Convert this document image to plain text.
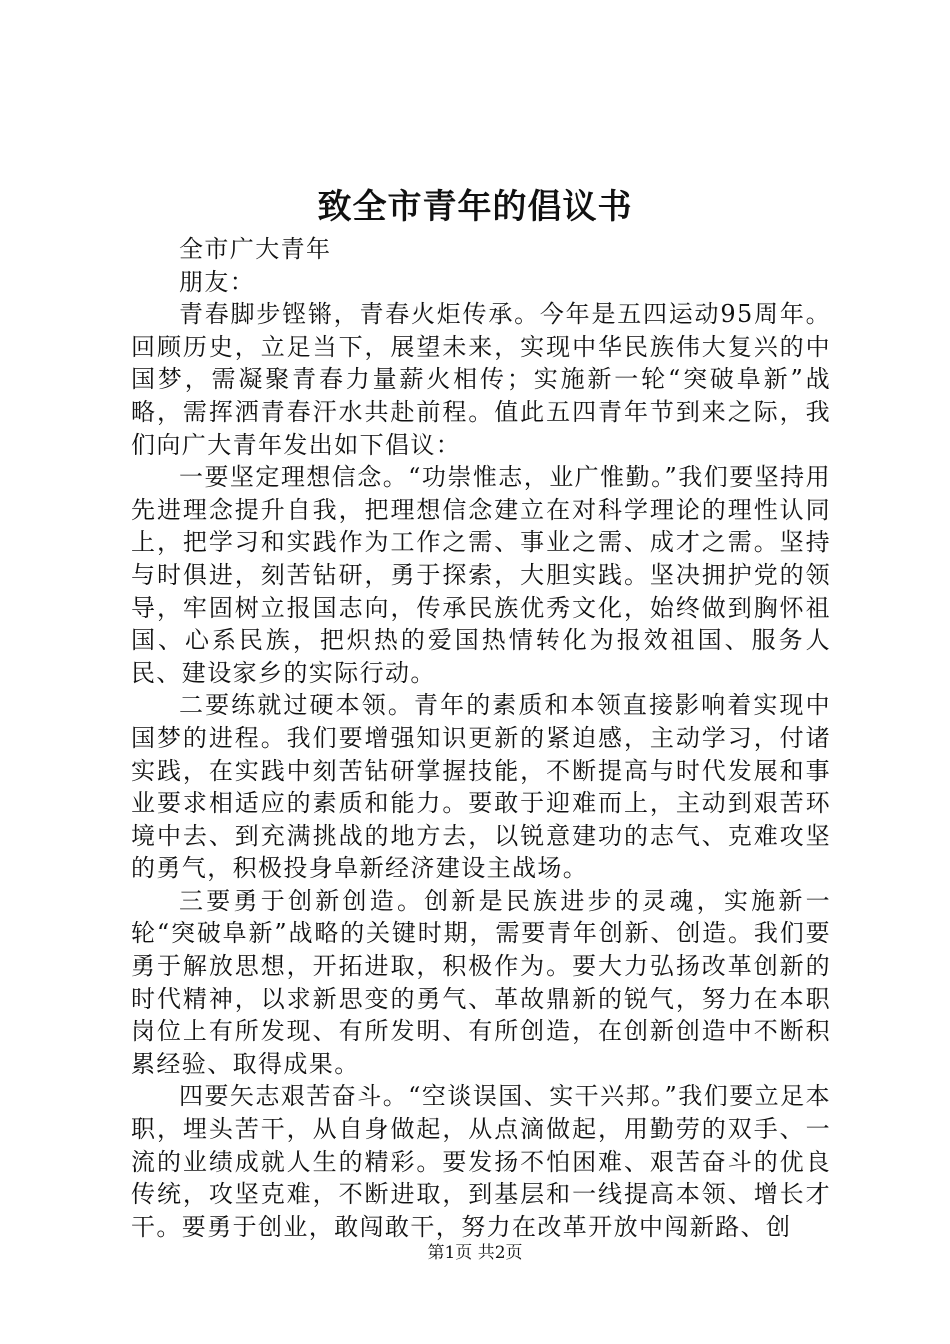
致全市青年的倡议书

全市广大青年

朋友：

青春脚步铿锵，青春火炬传承。今年是五四运动95周年。回顾历史，立足当下，展望未来，实现中华民族伟大复兴的中国梦，需凝聚青春力量薪火相传；实施新一轮“突破阜新”战略，需挥洒青春汗水共赴前程。值此五四青年节到来之际，我们向广大青年发出如下倡议：

一要坚定理想信念。“功崇惟志，业广惟勤。”我们要坚持用先进理念提升自我，把理想信念建立在对科学理论的理性认同上，把学习和实践作为工作之需、事业之需、成才之需。坚持与时俱进，刻苦钻研，勇于探索，大胆实践。坚决拥护党的领导，牢固树立报国志向，传承民族优秀文化，始终做到胸怀祖国、心系民族，把炽热的爱国热情转化为报效祖国、服务人民、建设家乡的实际行动。

二要练就过硬本领。青年的素质和本领直接影响着实现中国梦的进程。我们要增强知识更新的紧迫感，主动学习，付诸实践，在实践中刻苦钻研掌握技能，不断提高与时代发展和事业要求相适应的素质和能力。要敢于迎难而上，主动到艰苦环境中去、到充满挑战的地方去，以锐意建功的志气、克难攻坚的勇气，积极投身阜新经济建设主战场。

三要勇于创新创造。创新是民族进步的灵魂，实施新一轮“突破阜新”战略的关键时期，需要青年创新、创造。我们要勇于解放思想，开拓进取，积极作为。要大力弘扬改革创新的时代精神，以求新思变的勇气、革故鼎新的锐气，努力在本职岗位上有所发现、有所发明、有所创造，在创新创造中不断积累经验、取得成果。

四要矢志艰苦奋斗。“空谈误国、实干兴邦。”我们要立足本职，埋头苦干，从自身做起，从点滴做起，用勤劳的双手、一流的业绩成就人生的精彩。要发扬不怕困难、艰苦奋斗的优良传统，攻坚克难，不断进取，到基层和一线提高本领、增长才干。要勇于创业，敢闯敢干，努力在改革开放中闯新路、创

第1页 共2页
